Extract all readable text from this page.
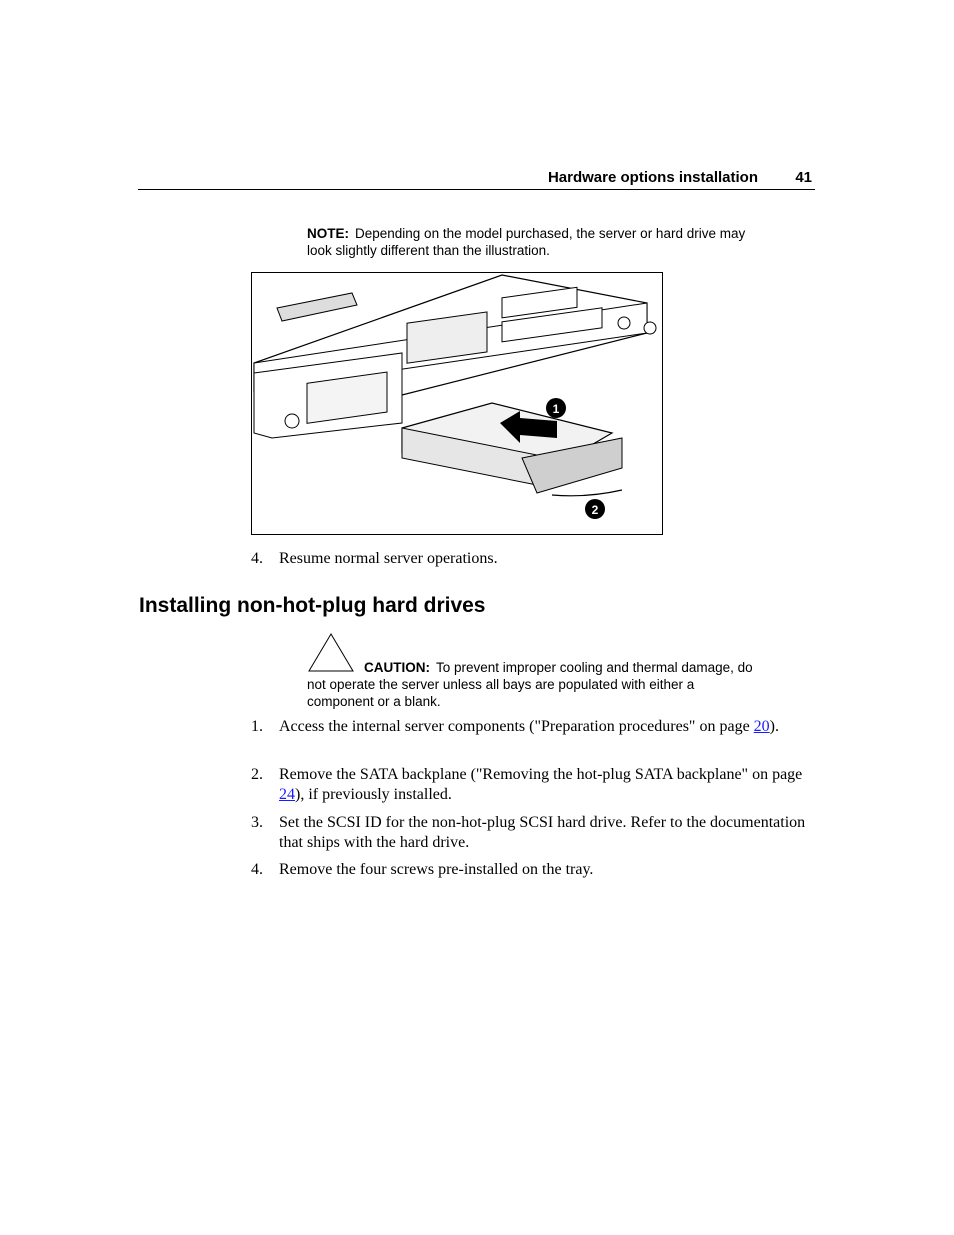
Hardware options installation 41
NOTE: Depending on the model purchased, the server or hard drive may look slightly different than the illustration.
1
2
4. Resume normal server operations.
Installing non-hot-plug hard drives
CAUTION: To prevent improper cooling and thermal damage, do not operate the server unless all bays are populated with either a component or a blank.
1. Access the internal server components ("Preparation procedures" on page 20).
2. Remove the SATA backplane ("Removing the hot-plug SATA backplane" on page 24), if previously installed.
3. Set the SCSI ID for the non-hot-plug SCSI hard drive. Refer to the documentation that ships with the hard drive.
4. Remove the four screws pre-installed on the tray.
